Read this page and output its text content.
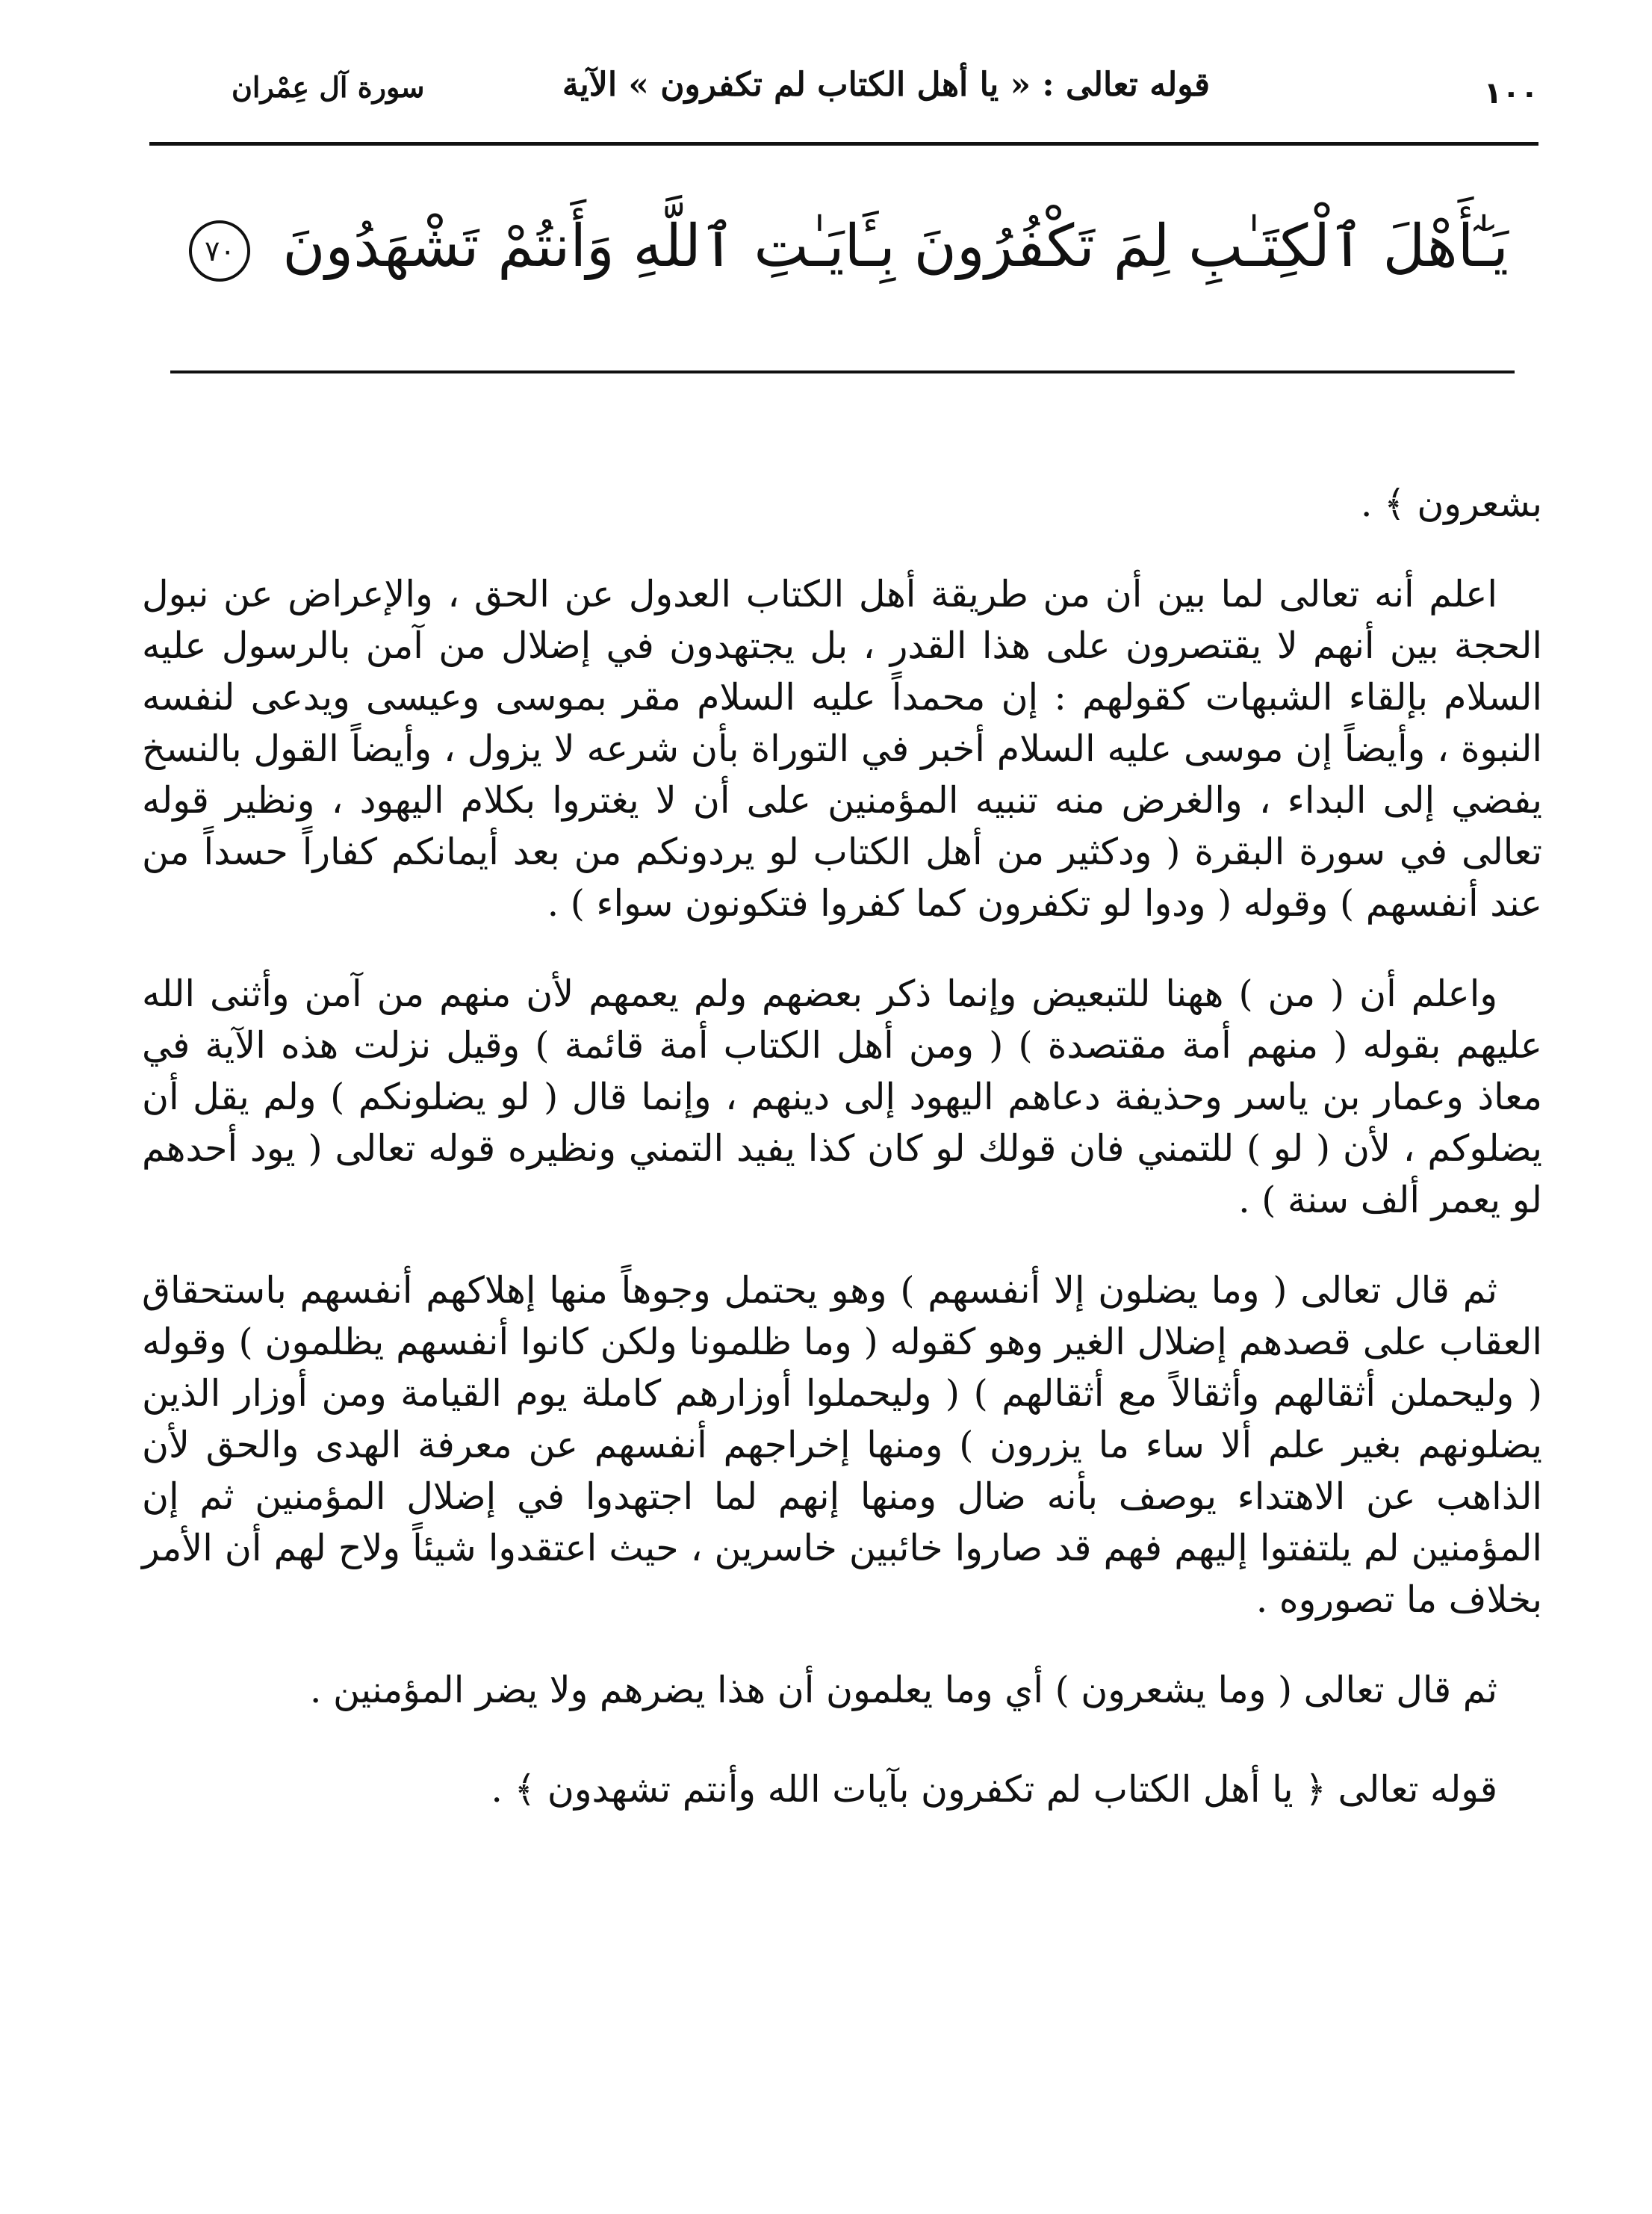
١٠٠
قوله تعالى : « يا أهل الكتاب لم تكفرون » الآية
سورة آل عِمْران
يَـٰٓأَهْلَ ٱلْكِتَـٰبِ لِمَ تَكْفُرُونَ بِـَٔايَـٰتِ ٱللَّهِ وَأَنتُمْ تَشْهَدُونَ ٧٠

بشعرون ﴾ .

اعلم أنه تعالى لما بين أن من طريقة أهل الكتاب العدول عن الحق ، والإعراض عن نبول الحجة بين أنهم لا يقتصرون على هذا القدر ، بل يجتهدون في إضلال من آمن بالرسول عليه السلام بإلقاء الشبهات كقولهم : إن محمداً عليه السلام مقر بموسى وعيسى ويدعى لنفسه النبوة ، وأيضاً إن موسى عليه السلام أخبر في التوراة بأن شرعه لا يزول ، وأيضاً القول بالنسخ يفضي إلى البداء ، والغرض منه تنبيه المؤمنين على أن لا يغتروا بكلام اليهود ، ونظير قوله تعالى في سورة البقرة ( ودكثير من أهل الكتاب لو يردونكم من بعد أيمانكم كفاراً حسداً من عند أنفسهم ) وقوله ( ودوا لو تكفرون كما كفروا فتكونون سواء ) .

واعلم أن ( من ) ههنا للتبعيض وإنما ذكر بعضهم ولم يعمهم لأن منهم من آمن وأثنى الله عليهم بقوله ( منهم أمة مقتصدة ) ( ومن أهل الكتاب أمة قائمة ) وقيل نزلت هذه الآية في معاذ وعمار بن ياسر وحذيفة دعاهم اليهود إلى دينهم ، وإنما قال ( لو يضلونكم ) ولم يقل أن يضلوكم ، لأن ( لو ) للتمني فان قولك لو كان كذا يفيد التمني ونظيره قوله تعالى ( يود أحدهم لو يعمر ألف سنة ) .

ثم قال تعالى ( وما يضلون إلا أنفسهم ) وهو يحتمل وجوهاً منها إهلاكهم أنفسهم باستحقاق العقاب على قصدهم إضلال الغير وهو كقوله ( وما ظلمونا ولكن كانوا أنفسهم يظلمون ) وقوله ( وليحملن أثقالهم وأثقالاً مع أثقالهم ) ( وليحملوا أوزارهم كاملة يوم القيامة ومن أوزار الذين يضلونهم بغير علم ألا ساء ما يزرون ) ومنها إخراجهم أنفسهم عن معرفة الهدى والحق لأن الذاهب عن الاهتداء يوصف بأنه ضال ومنها إنهم لما اجتهدوا في إضلال المؤمنين ثم إن المؤمنين لم يلتفتوا إليهم فهم قد صاروا خائبين خاسرين ، حيث اعتقدوا شيئاً ولاح لهم أن الأمر بخلاف ما تصوروه .

ثم قال تعالى ( وما يشعرون ) أي وما يعلمون أن هذا يضرهم ولا يضر المؤمنين .

قوله تعالى ﴿ يا أهل الكتاب لم تكفرون بآيات الله وأنتم تشهدون ﴾ .
